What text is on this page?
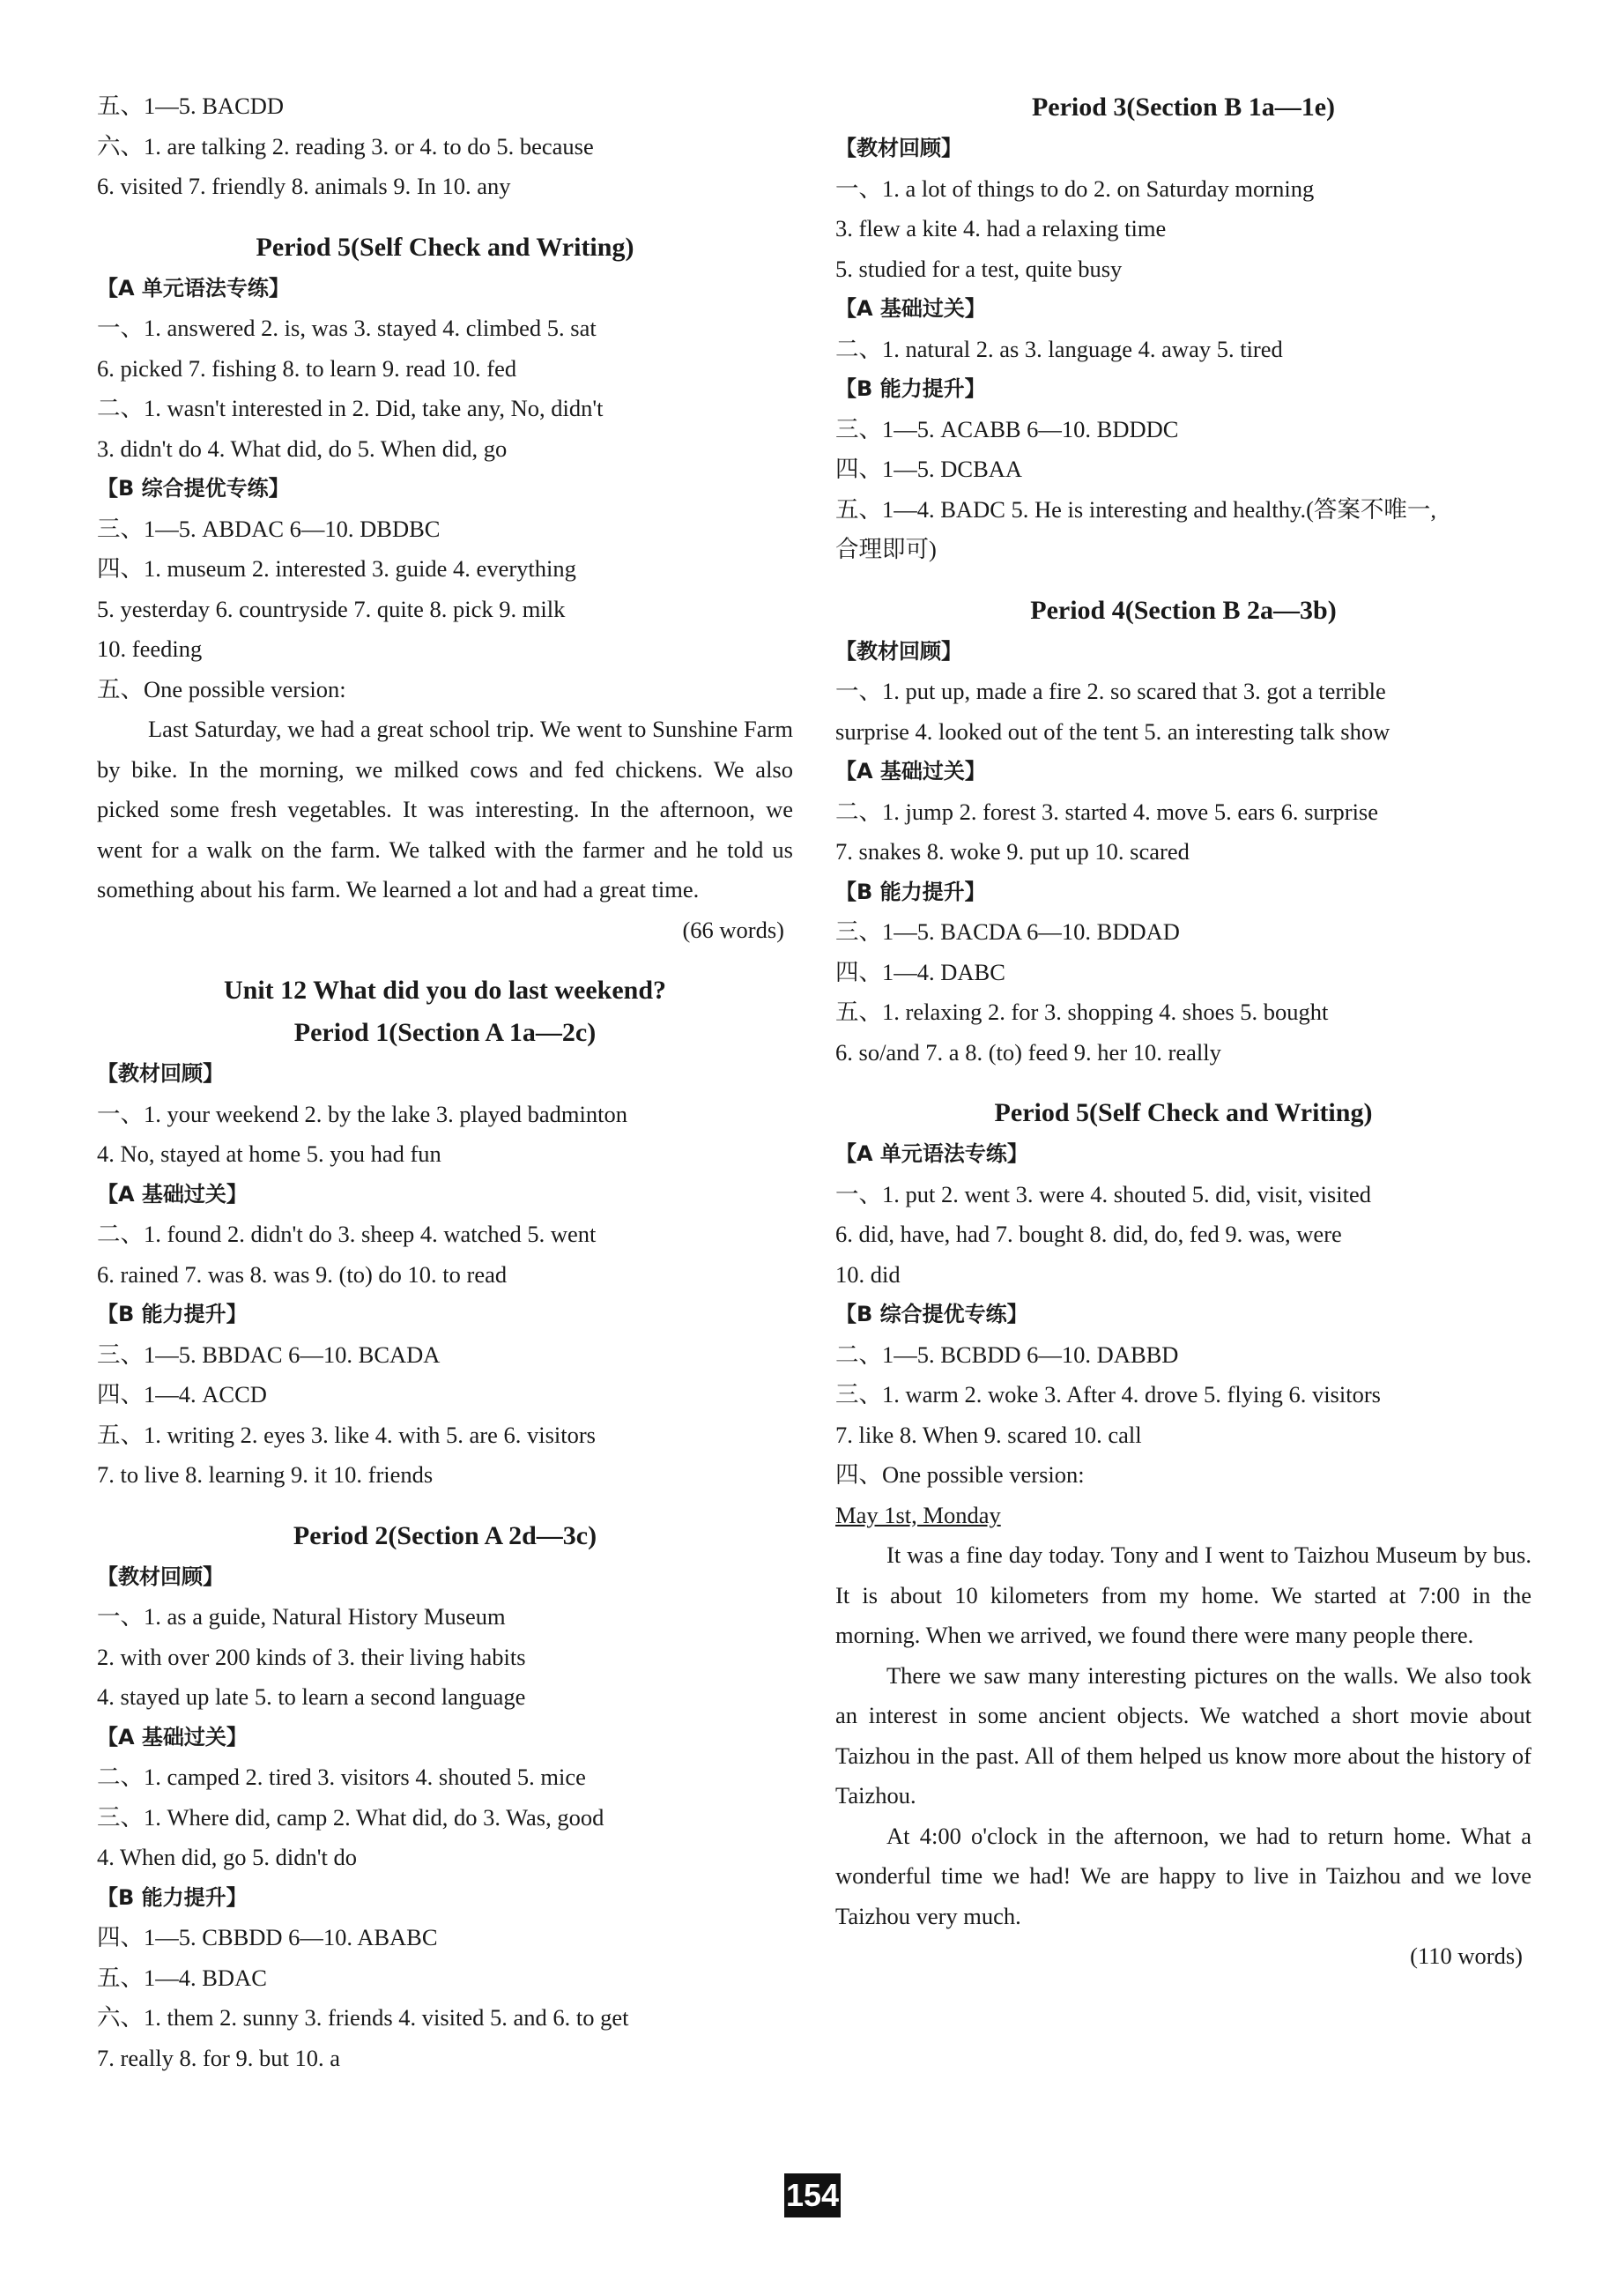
五、1—5. BACDD
六、1. are talking 2. reading 3. or 4. to do 5. because
6. visited 7. friendly 8. animals 9. In 10. any
Period 5(Self Check and Writing)
【A 单元语法专练】
一、1. answered 2. is, was 3. stayed 4. climbed 5. sat
6. picked 7. fishing 8. to learn 9. read 10. fed
二、1. wasn't interested in 2. Did, take any, No, didn't
3. didn't do 4. What did, do 5. When did, go
【B 综合提优专练】
三、1—5. ABDAC 6—10. DBDBC
四、1. museum 2. interested 3. guide 4. everything
5. yesterday 6. countryside 7. quite 8. pick 9. milk
10. feeding
五、One possible version:
Last Saturday, we had a great school trip. We went to Sunshine Farm by bike. In the morning, we milked cows and fed chickens. We also picked some fresh vegetables. It was interesting. In the afternoon, we went for a walk on the farm. We talked with the farmer and he told us something about his farm. We learned a lot and had a great time.
(66 words)
Unit 12 What did you do last weekend?
Period 1(Section A 1a—2c)
【教材回顾】
一、1. your weekend 2. by the lake 3. played badminton
4. No, stayed at home 5. you had fun
【A 基础过关】
二、1. found 2. didn't do 3. sheep 4. watched 5. went
6. rained 7. was 8. was 9. (to) do 10. to read
【B 能力提升】
三、1—5. BBDAC 6—10. BCADA
四、1—4. ACCD
五、1. writing 2. eyes 3. like 4. with 5. are 6. visitors
7. to live 8. learning 9. it 10. friends
Period 2(Section A 2d—3c)
【教材回顾】
一、1. as a guide, Natural History Museum
2. with over 200 kinds of 3. their living habits
4. stayed up late 5. to learn a second language
【A 基础过关】
二、1. camped 2. tired 3. visitors 4. shouted 5. mice
三、1. Where did, camp 2. What did, do 3. Was, good
4. When did, go 5. didn't do
【B 能力提升】
四、1—5. CBBDD 6—10. ABABC
五、1—4. BDAC
六、1. them 2. sunny 3. friends 4. visited 5. and 6. to get
7. really 8. for 9. but 10. a
Period 3(Section B 1a—1e)
【教材回顾】
一、1. a lot of things to do 2. on Saturday morning
3. flew a kite 4. had a relaxing time
5. studied for a test, quite busy
【A 基础过关】
二、1. natural 2. as 3. language 4. away 5. tired
【B 能力提升】
三、1—5. ACABB 6—10. BDDDC
四、1—5. DCBAA
五、1—4. BADC 5. He is interesting and healthy.(答案不唯一,
合理即可)
Period 4(Section B 2a—3b)
【教材回顾】
一、1. put up, made a fire 2. so scared that 3. got a terrible
surprise 4. looked out of the tent 5. an interesting talk show
【A 基础过关】
二、1. jump 2. forest 3. started 4. move 5. ears 6. surprise
7. snakes 8. woke 9. put up 10. scared
【B 能力提升】
三、1—5. BACDA 6—10. BDDAD
四、1—4. DABC
五、1. relaxing 2. for 3. shopping 4. shoes 5. bought
6. so/and 7. a 8. (to) feed 9. her 10. really
Period 5(Self Check and Writing)
【A 单元语法专练】
一、1. put 2. went 3. were 4. shouted 5. did, visit, visited
6. did, have, had 7. bought 8. did, do, fed 9. was, were
10. did
【B 综合提优专练】
二、1—5. BCBDD 6—10. DABBD
三、1. warm 2. woke 3. After 4. drove 5. flying 6. visitors
7. like 8. When 9. scared 10. call
四、One possible version:
May 1st, Monday
It was a fine day today. Tony and I went to Taizhou Museum by bus. It is about 10 kilometers from my home. We started at 7:00 in the morning. When we arrived, we found there were many people there.
There we saw many interesting pictures on the walls. We also took an interest in some ancient objects. We watched a short movie about Taizhou in the past. All of them helped us know more about the history of Taizhou.
At 4:00 o'clock in the afternoon, we had to return home. What a wonderful time we had! We are happy to live in Taizhou and we love Taizhou very much.
(110 words)
154
